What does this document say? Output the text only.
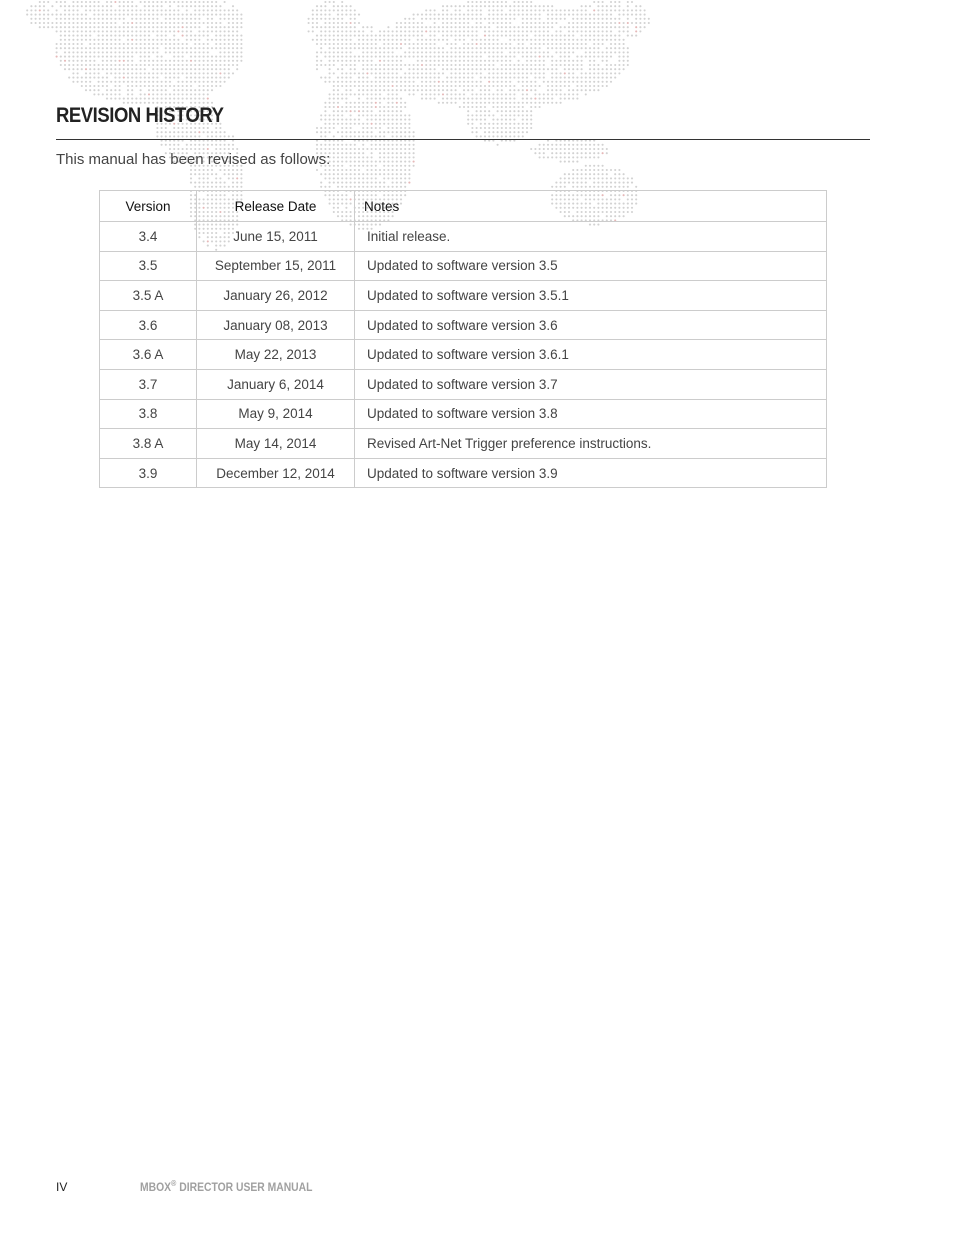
REVISION HISTORY

This manual has been revised as follows:

Version	Release Date	Notes
3.4	June 15, 2011	Initial release.
3.5	September 15, 2011	Updated to software version 3.5
3.5 A	January 26, 2012	Updated to software version 3.5.1
3.6	January 08, 2013	Updated to software version 3.6
3.6 A	May 22, 2013	Updated to software version 3.6.1
3.7	January 6, 2014	Updated to software version 3.7
3.8	May 9, 2014	Updated to software version 3.8
3.8 A	May 14, 2014	Revised Art-Net Trigger preference instructions.
3.9	December 12, 2014	Updated to software version 3.9
IV	MBOX® DIRECTOR USER MANUAL
